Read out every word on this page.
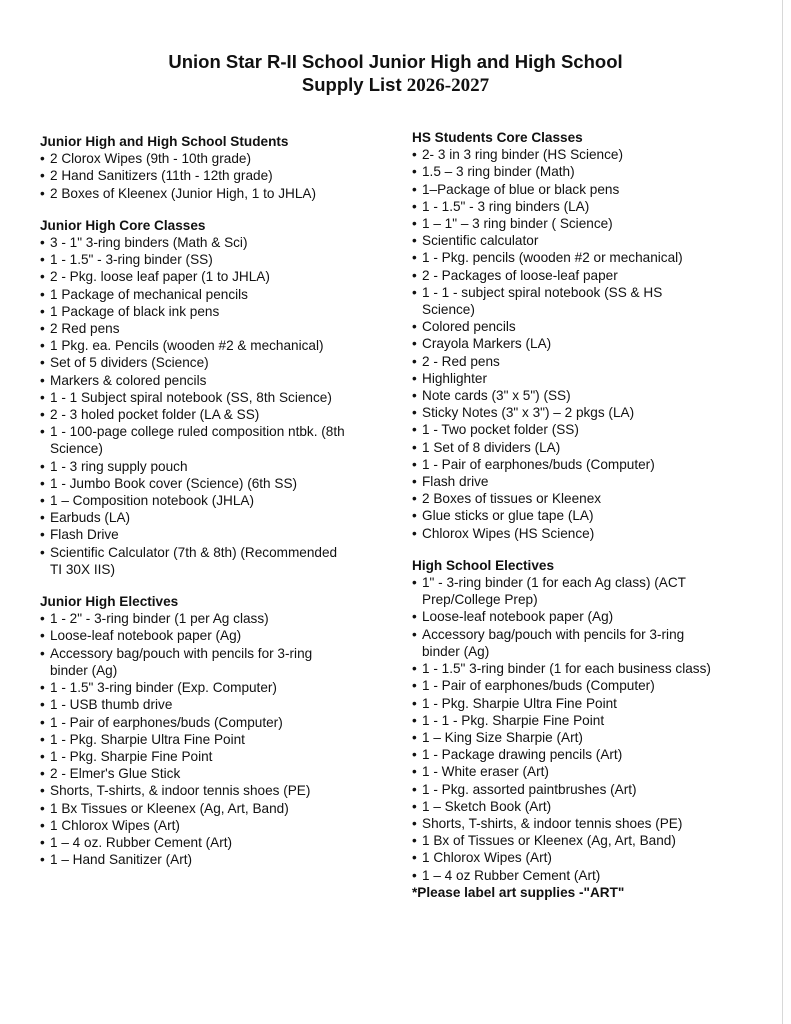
Union Star R-II School Junior High and High School
Supply List 2026-2027
Junior High and High School Students
• 2 Clorox Wipes (9th - 10th grade)
• 2 Hand Sanitizers (11th - 12th grade)
• 2 Boxes of Kleenex (Junior High, 1 to JHLA)
Junior High Core Classes
• 3 - 1" 3-ring binders (Math & Sci)
• 1 - 1.5" - 3-ring binder (SS)
• 2 - Pkg. loose leaf paper (1 to JHLA)
• 1 Package of mechanical pencils
• 1 Package of black ink pens
• 2 Red pens
• 1 Pkg. ea. Pencils (wooden #2 & mechanical)
• Set of 5 dividers (Science)
• Markers & colored pencils
• 1 - 1 Subject spiral notebook (SS, 8th Science)
• 2 - 3 holed pocket folder (LA & SS)
• 1 - 100-page college ruled composition ntbk. (8th Science)
• 1 - 3 ring supply pouch
• 1 - Jumbo Book cover (Science) (6th SS)
• 1 – Composition notebook (JHLA)
• Earbuds (LA)
• Flash Drive
• Scientific Calculator (7th & 8th) (Recommended TI 30X IIS)
Junior High Electives
• 1 - 2" - 3-ring binder (1 per Ag class)
• Loose-leaf notebook paper (Ag)
• Accessory bag/pouch with pencils for 3-ring binder (Ag)
• 1 - 1.5" 3-ring binder (Exp. Computer)
• 1 - USB thumb drive
• 1 - Pair of earphones/buds (Computer)
• 1 - Pkg. Sharpie Ultra Fine Point
• 1 - Pkg. Sharpie Fine Point
• 2 - Elmer's Glue Stick
• Shorts, T-shirts, & indoor tennis shoes (PE)
• 1 Bx Tissues or Kleenex (Ag, Art, Band)
• 1 Chlorox Wipes (Art)
• 1 – 4 oz. Rubber Cement (Art)
• 1 – Hand Sanitizer (Art)
HS Students Core Classes
• 2- 3 in 3 ring binder (HS Science)
• 1.5 – 3 ring binder (Math)
• 1–Package of blue or black pens
• 1 - 1.5" - 3 ring binders (LA)
• 1 – 1" – 3 ring binder ( Science)
• Scientific calculator
• 1 - Pkg. pencils (wooden #2 or mechanical)
• 2 - Packages of loose-leaf paper
• 1 - 1 - subject spiral notebook (SS & HS Science)
• Colored pencils
• Crayola Markers (LA)
• 2 - Red pens
• Highlighter
• Note cards (3" x 5") (SS)
• Sticky Notes (3" x 3") – 2 pkgs (LA)
• 1 - Two pocket folder (SS)
• 1 Set of 8 dividers (LA)
• 1 - Pair of earphones/buds (Computer)
• Flash drive
• 2 Boxes of tissues or Kleenex
• Glue sticks or glue tape (LA)
• Chlorox Wipes (HS Science)
High School Electives
• 1" - 3-ring binder (1 for each Ag class) (ACT Prep/College Prep)
• Loose-leaf notebook paper (Ag)
• Accessory bag/pouch with pencils for 3-ring binder (Ag)
• 1 - 1.5" 3-ring binder (1 for each business class)
• 1 - Pair of earphones/buds (Computer)
• 1 - Pkg. Sharpie Ultra Fine Point
• 1 - 1 - Pkg. Sharpie Fine Point
• 1 – King Size Sharpie (Art)
• 1 - Package drawing pencils (Art)
• 1 - White eraser (Art)
• 1 - Pkg. assorted paintbrushes (Art)
• 1 – Sketch Book (Art)
• Shorts, T-shirts, & indoor tennis shoes (PE)
• 1 Bx of Tissues or Kleenex (Ag, Art, Band)
• 1 Chlorox Wipes (Art)
• 1 – 4 oz Rubber Cement (Art)
*Please label art supplies -"ART"
